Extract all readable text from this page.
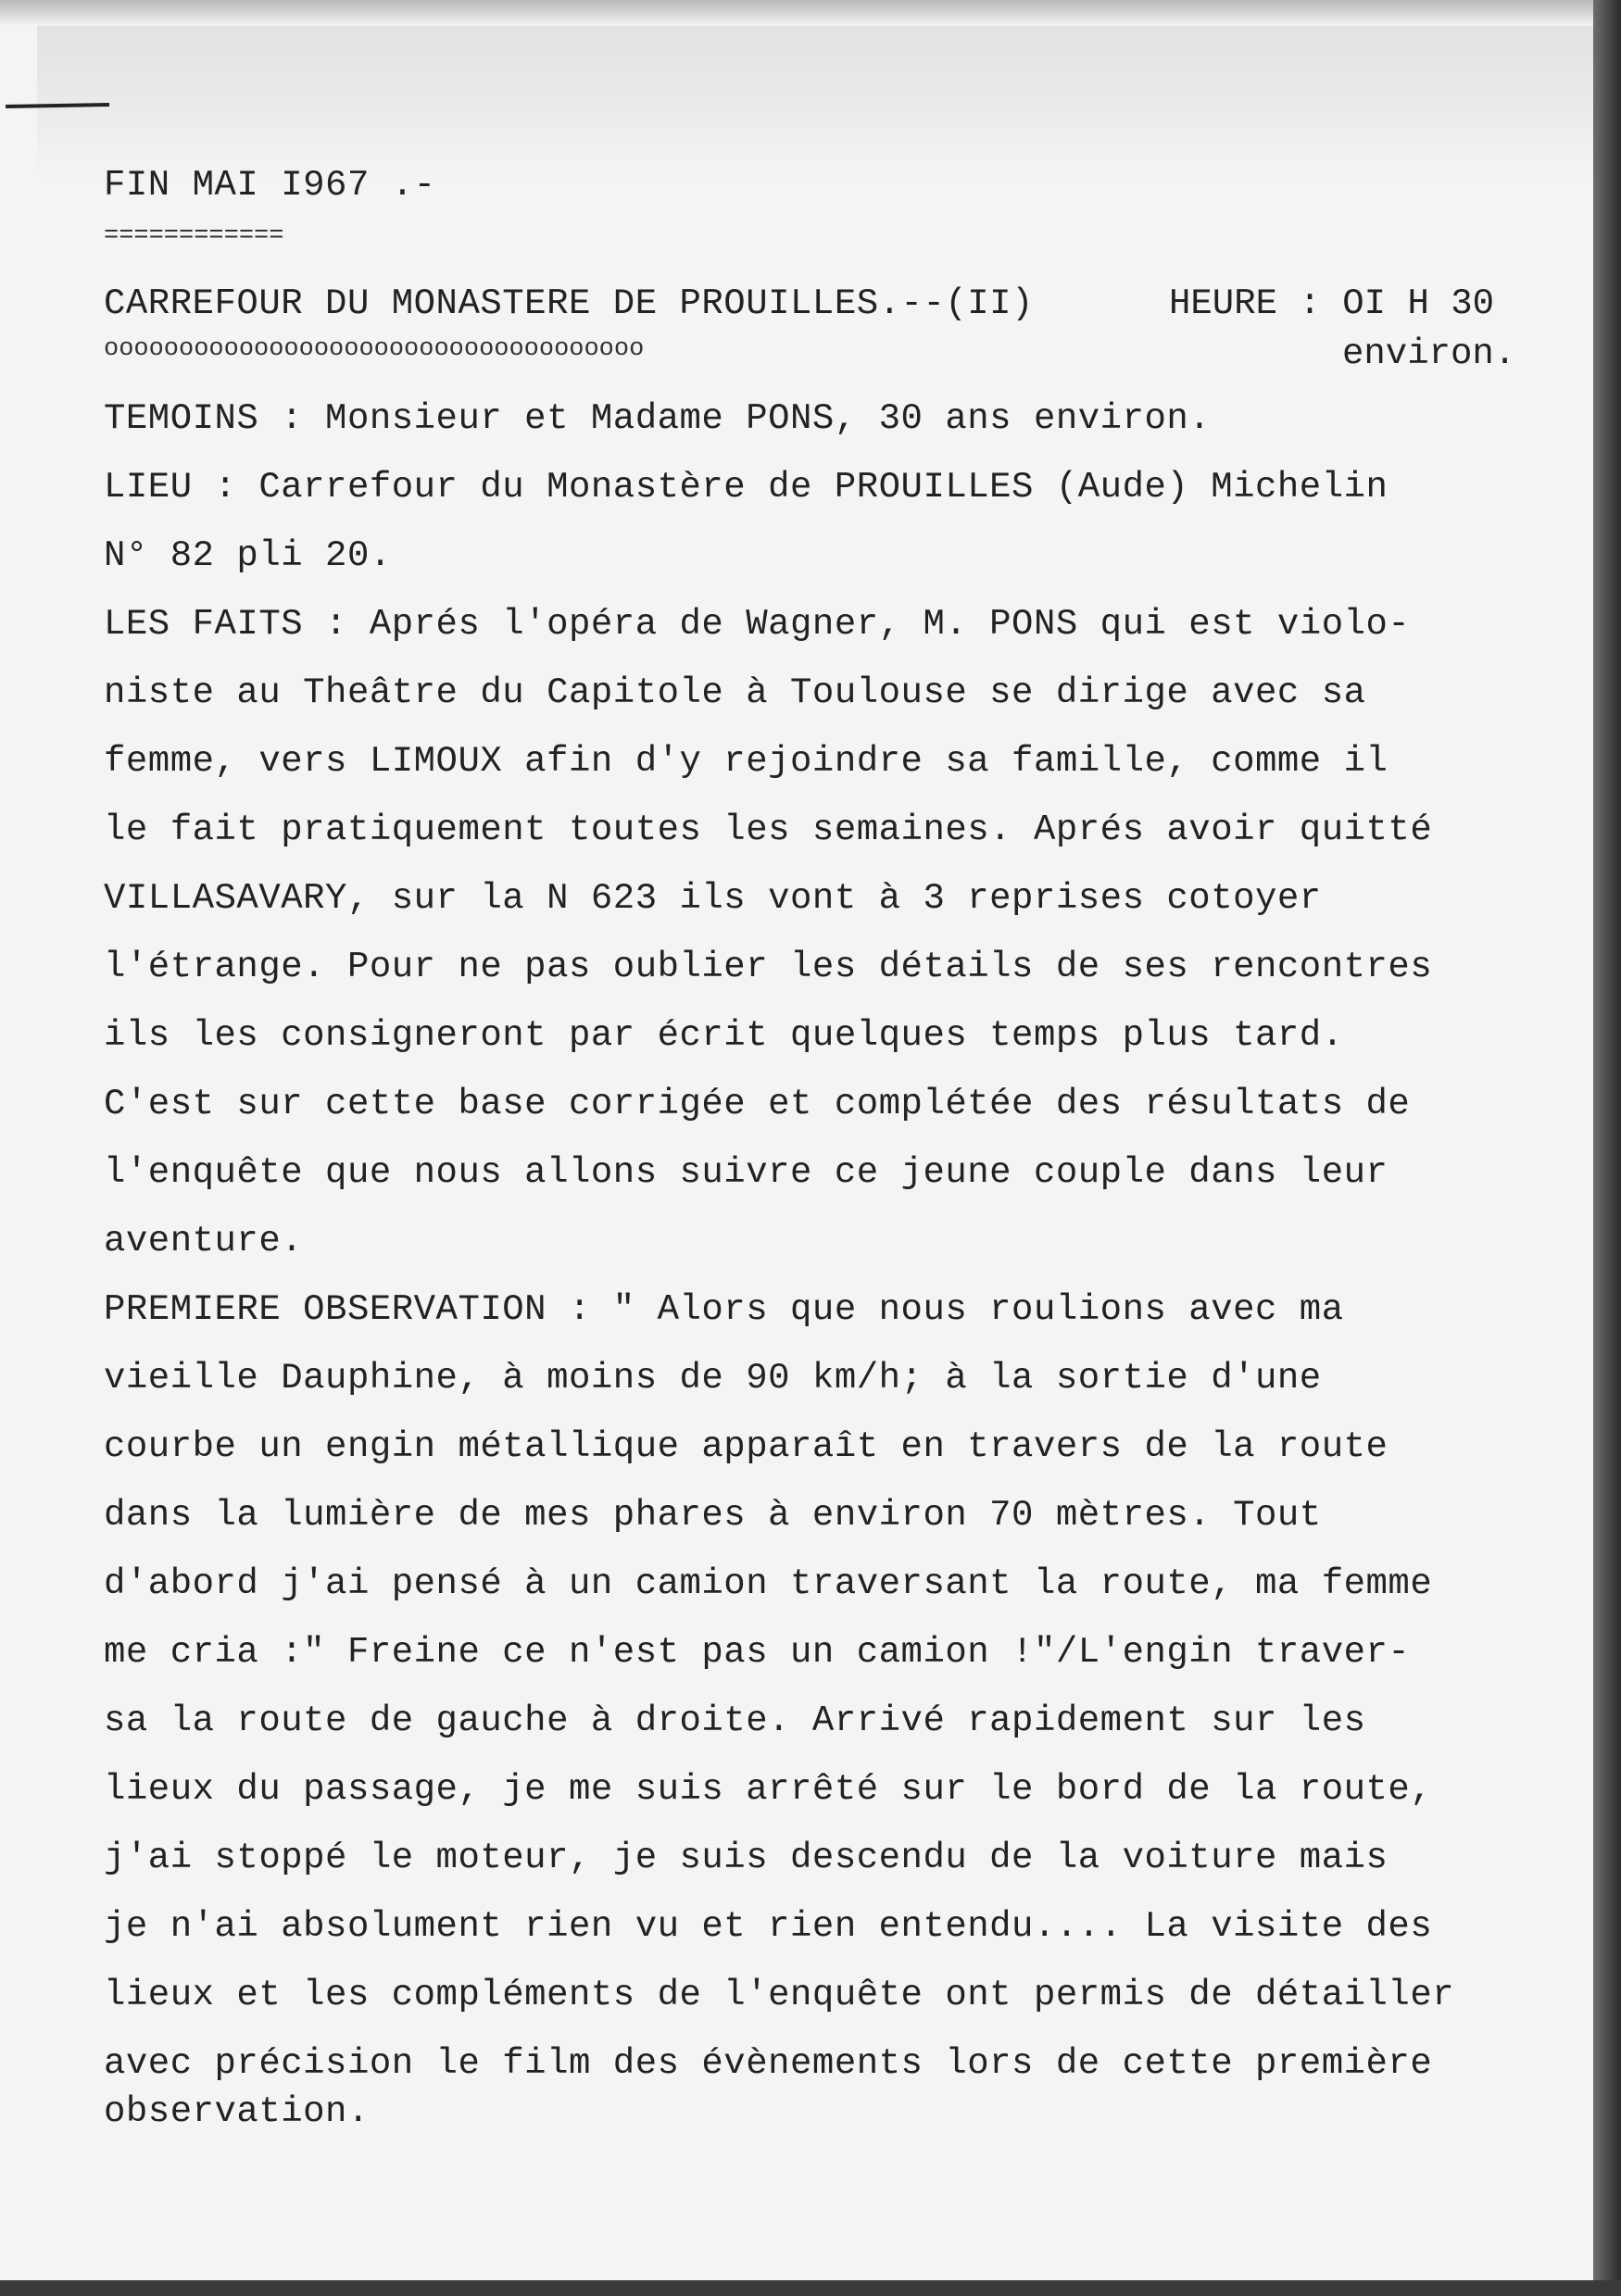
FIN MAI I967 .-
============
CARREFOUR DU MONASTERE DE PROUILLES.--(II)	HEURE : OI H 30
oooooooooooooooooooooooooooooooooooo	environ.
TEMOINS : Monsieur et Madame PONS, 30 ans environ.
LIEU : Carrefour du Monastère de PROUILLES (Aude) Michelin
N° 82 pli 20.
LES FAITS : Aprés l'opéra de Wagner, M. PONS qui est violo-
niste au Theâtre du Capitole à Toulouse se dirige avec sa
femme, vers LIMOUX afin d'y rejoindre sa famille, comme il
le fait pratiquement toutes les semaines. Aprés avoir quitté
VILLASAVARY, sur la N 623 ils vont à 3 reprises cotoyer
l'étrange. Pour ne pas oublier les détails de ses rencontres
ils les consigneront par écrit quelques temps plus tard.
C'est sur cette base corrigée et complétée des résultats de
l'enquête que nous allons suivre ce jeune couple dans leur
aventure.
PREMIERE OBSERVATION : " Alors que nous roulions avec ma
vieille Dauphine, à moins de 90 km/h; à la sortie d'une
courbe un engin métallique apparaît en travers de la route
dans la lumière de mes phares à environ 70 mètres. Tout
d'abord j'ai pensé à un camion traversant la route, ma femme
me cria :" Freine ce n'est pas un camion !"/L'engin traver-
sa la route de gauche à droite. Arrivé rapidement sur les
lieux du passage, je me suis arrêté sur le bord de la route,
j'ai stoppé le moteur, je suis descendu de la voiture mais
je n'ai absolument rien vu et rien entendu.... La visite des
lieux et les compléments de l'enquête ont permis de détailler
avec précision le film des évènements lors de cette première
observation.
